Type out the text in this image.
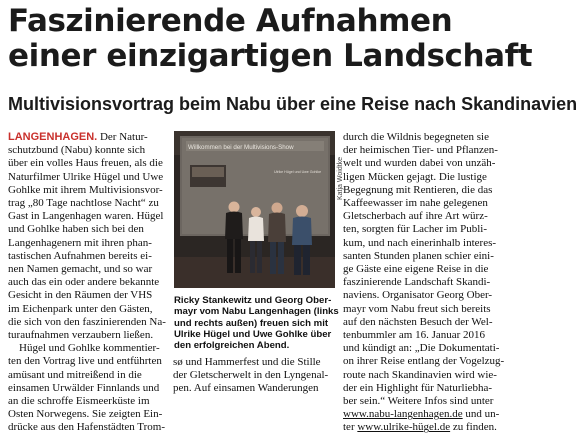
Faszinierende Aufnahmen
einer einzigartigen Landschaft
Multivisionsvortrag beim Nabu über eine Reise nach Skandinavien

LANGENHAGEN. Der Natur-
schutzbund (Nabu) konnte sich
über ein volles Haus freuen, als die
Naturfilmer Ulrike Hügel und Uwe
Gohlke mit ihrem Multivisionsvor-
trag „80 Tage nachtlose Nacht“ zu
Gast in Langenhagen waren. Hügel
und Gohlke haben sich bei den
Langenhagenern mit ihren phan-
tastischen Aufnahmen bereits ei-
nen Namen gemacht, und so war
auch das ein oder andere bekannte
Gesicht in den Räumen der VHS
im Eichenpark unter den Gästen,
die sich von den faszinierenden Na-
turaufnahmen verzaubern ließen.

Hügel und Gohlke kommentier-
ten den Vortrag live und entführten
amüsant und mitreißend in die
einsamen Urwälder Finnlands und
an die schroffe Eismeerküste im
Osten Norwegens. Sie zeigten Ein-
drücke aus den Hafenstädten Trom-

Willkommen bei der Multivisions-Show
Ulrike Hügel und Uwe Gohlke Katja Woidtke
Ricky Stankewitz und Georg Ober-
mayr vom Nabu Langenhagen (links
und rechts außen) freuen sich mit
Ulrike Hügel und Uwe Gohlke über
den erfolgreichen Abend.
sø und Hammerfest und die Stille
der Gletscherwelt in den Lyngenal-
pen. Auf einsamen Wanderungen
durch die Wildnis begegneten sie
der heimischen Tier- und Pflanzen-
welt und wurden dabei von unzäh-
ligen Mücken gejagt. Die lustige
Begegnung mit Rentieren, die das
Kaffeewasser im nahe gelegenen
Gletscherbach auf ihre Art würz-
ten, sorgten für Lacher im Publi-
kum, und nach einerinhalb interes-
santen Stunden planen schier eini-
ge Gäste eine eigene Reise in die
faszinierende Landschaft Skandi-
naviens. Organisator Georg Ober-
mayr vom Nabu freut sich bereits
auf den nächsten Besuch der Wel-
tenbummler am 16. Januar 2016
und kündigt an: „Die Dokumentati-
on ihrer Reise entlang der Vogelzug-
route nach Skandinavien wird wie-
der ein Highlight für Naturliebha-
ber sein.“ Weitere Infos sind unter
www.nabu-langenhagen.de und un-
ter www.ulrike-hügel.de zu finden.
